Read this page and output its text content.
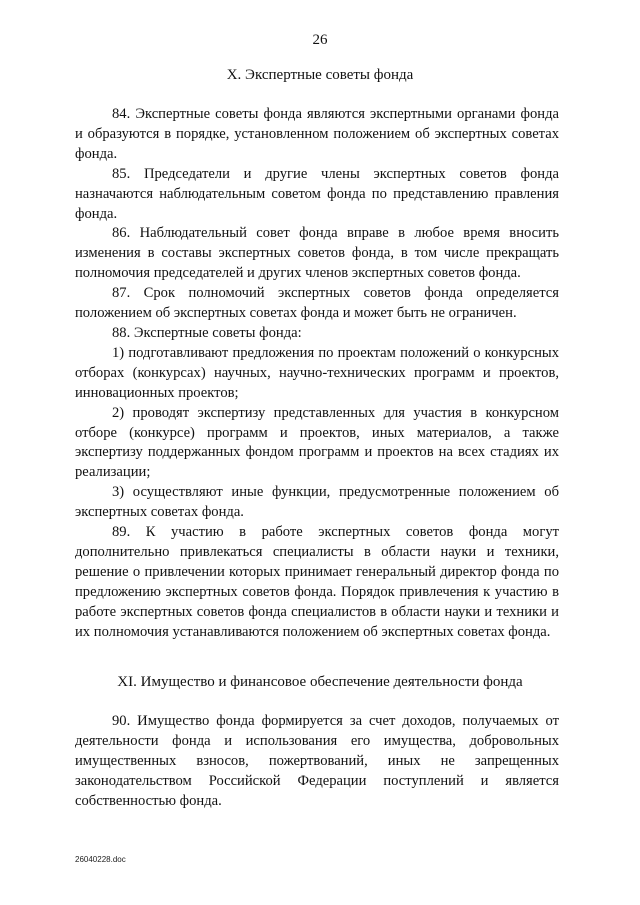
26
X. Экспертные советы фонда

84. Экспертные советы фонда являются экспертными органами фонда и образуются в порядке, установленном положением об экспертных советах фонда.

85. Председатели и другие члены экспертных советов фонда назначаются наблюдательным советом фонда по представлению правления фонда.

86. Наблюдательный совет фонда вправе в любое время вносить изменения в составы экспертных советов фонда, в том числе прекращать полномочия председателей и других членов экспертных советов фонда.

87. Срок полномочий экспертных советов фонда определяется положением об экспертных советах фонда и может быть не ограничен.

88. Экспертные советы фонда:

1) подготавливают предложения по проектам положений о конкурсных отборах (конкурсах) научных, научно-технических программ и проектов, инновационных проектов;

2) проводят экспертизу представленных для участия в конкурсном отборе (конкурсе) программ и проектов, иных материалов, а также экспертизу поддержанных фондом программ и проектов на всех стадиях их реализации;

3) осуществляют иные функции, предусмотренные положением об экспертных советах фонда.

89. К участию в работе экспертных советов фонда могут дополнительно привлекаться специалисты в области науки и техники, решение о привлечении которых принимает генеральный директор фонда по предложению экспертных советов фонда. Порядок привлечения к участию в работе экспертных советов фонда специалистов в области науки и техники и их полномочия устанавливаются положением об экспертных советах фонда.

XI. Имущество и финансовое обеспечение деятельности фонда

90. Имущество фонда формируется за счет доходов, получаемых от деятельности фонда и использования его имущества, добровольных имущественных взносов, пожертвований, иных не запрещенных законодательством Российской Федерации поступлений и является собственностью фонда.

26040228.doc
